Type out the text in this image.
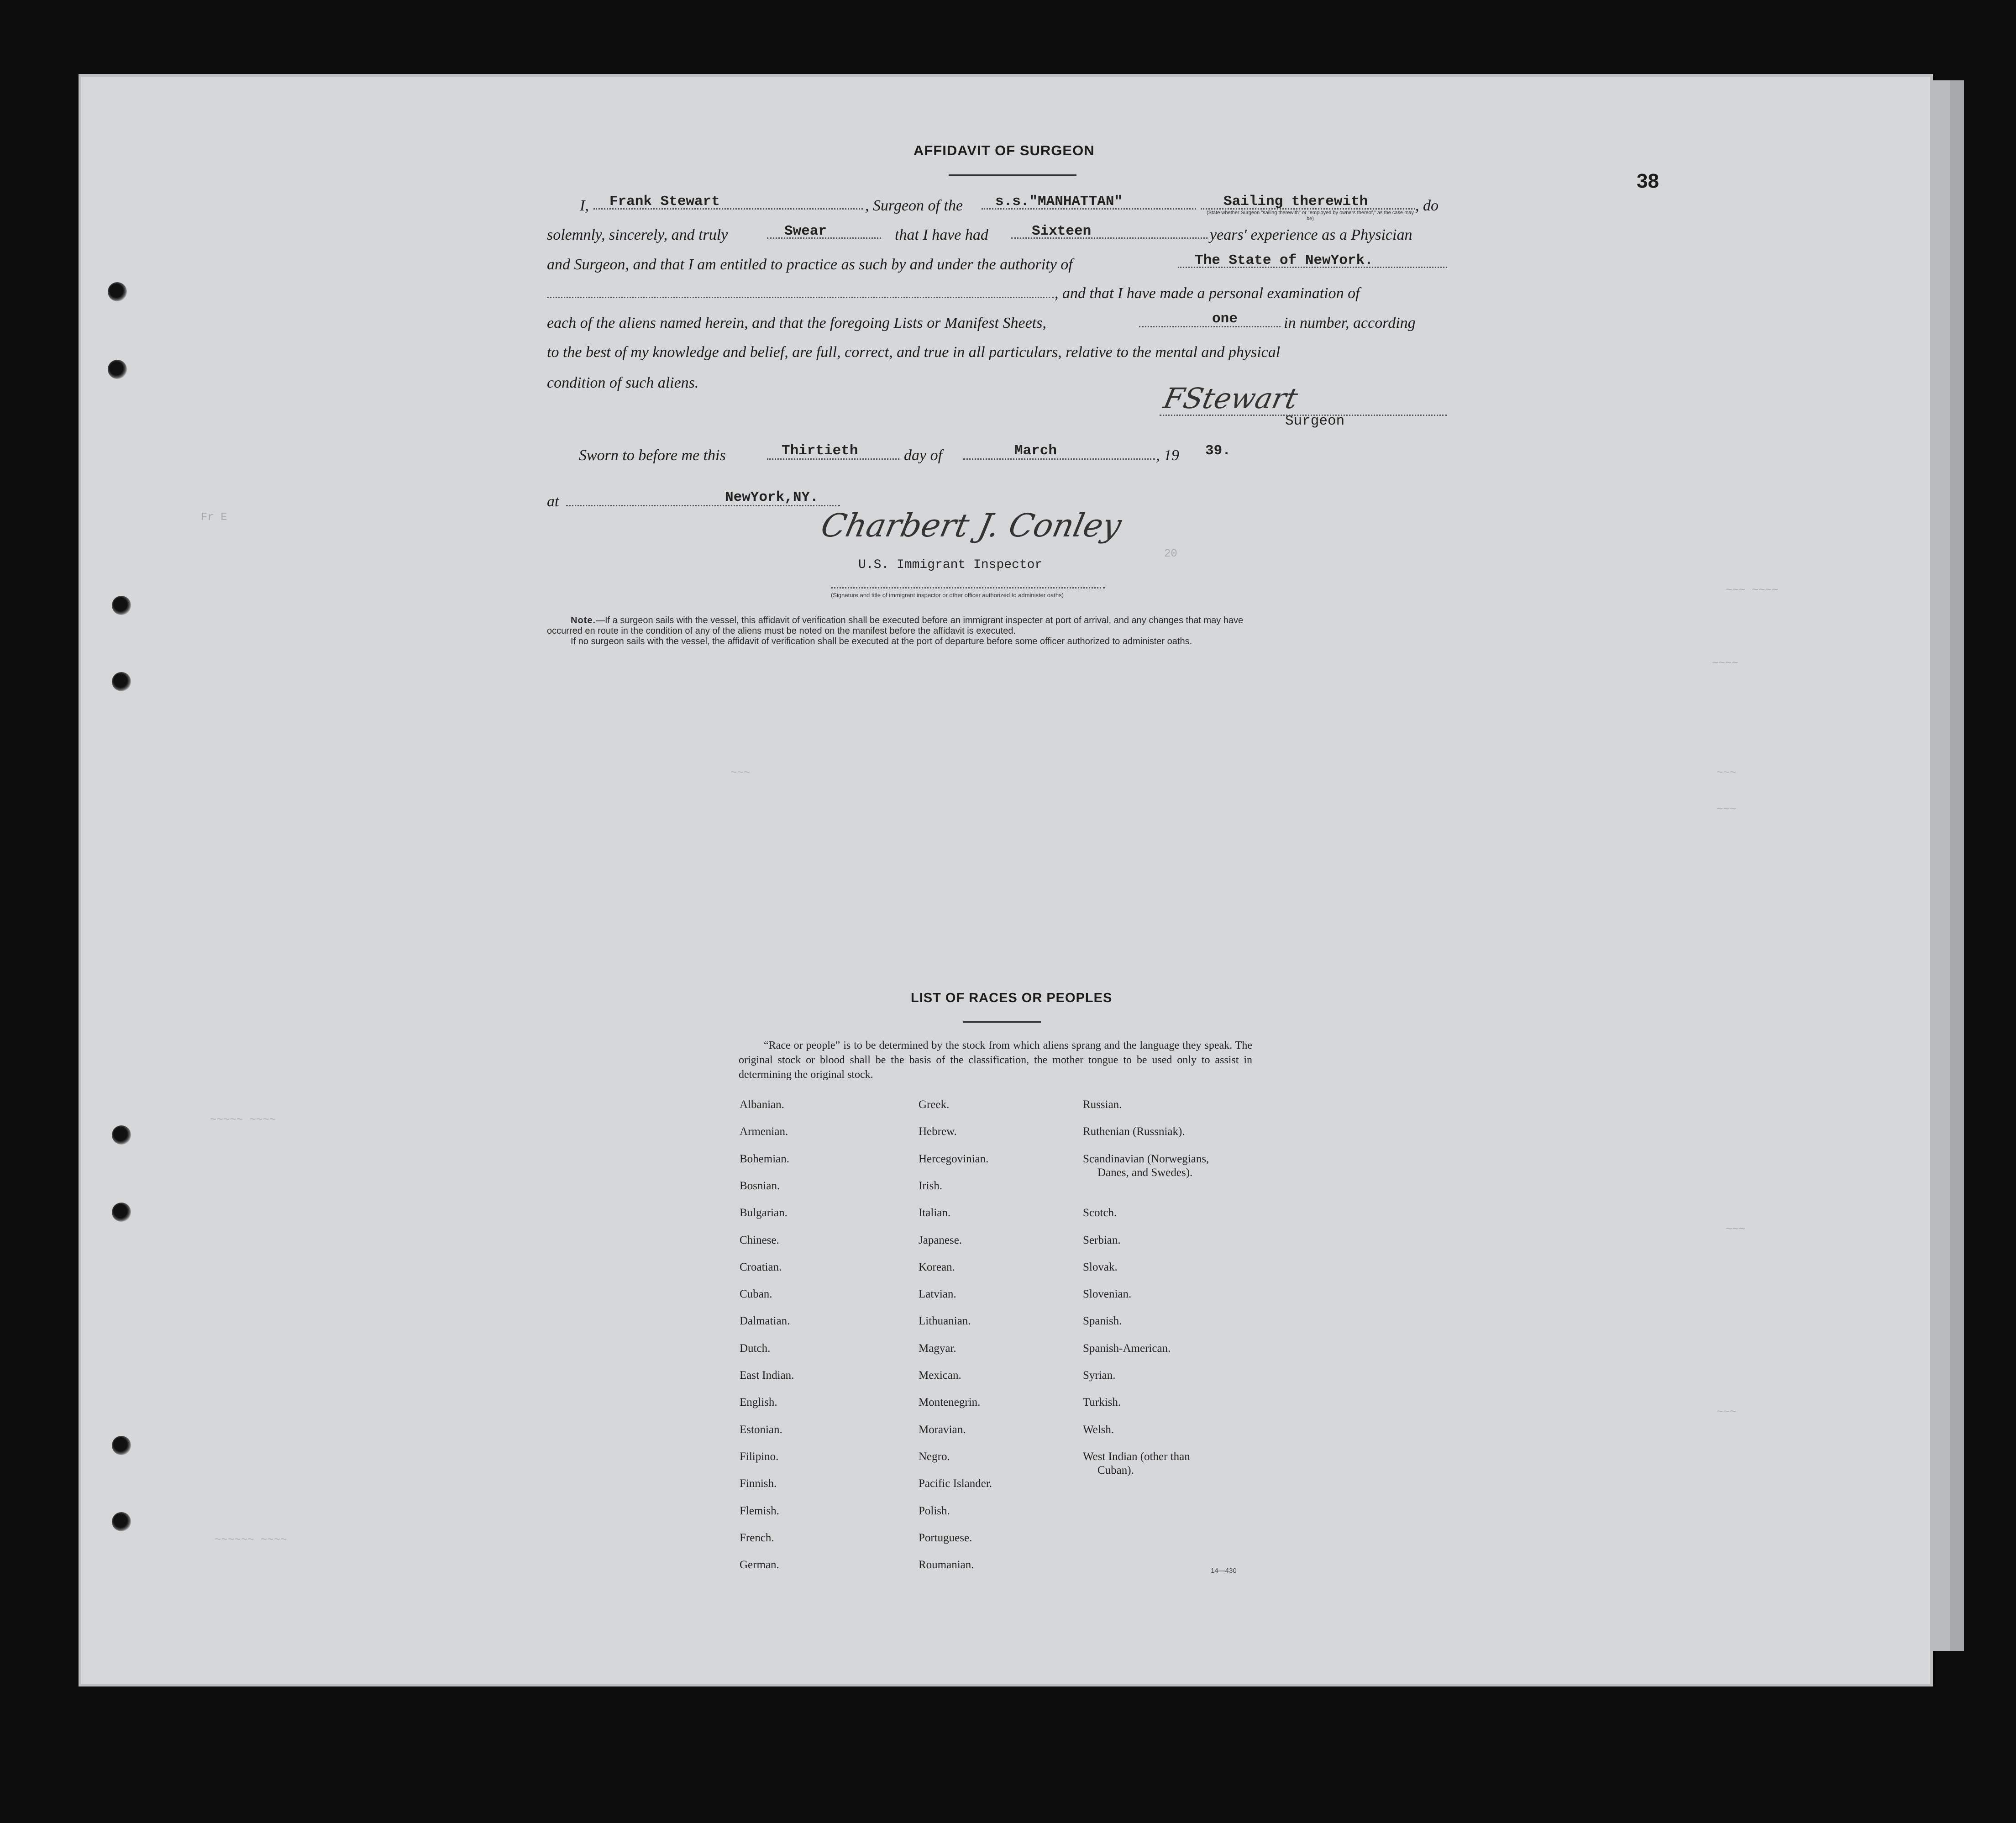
Fr E
20
~~~ ~~~~
~~~~
~~~	~~~
~~~
~~~~~ ~~~~
~~~
~~~
~~~~~~ ~~~~
38
AFFIDAVIT OF SURGEON
I, Frank Stewart	, Surgeon of the s.s."MANHATTAN"	Sailing therewith	, do
(State whether Surgeon "sailing therewith" or "employed by owners thereof," as the case may be)
solemnly, sincerely, and truly	Swear	that I have had	Sixteen	years' experience as a Physician
and Surgeon, and that I am entitled to practice as such by and under the authority of	The State of NewYork.
, and that I have made a personal examination of
each of the aliens named herein, and that the foregoing Lists or Manifest Sheets,	one	in number, according
to the best of my knowledge and belief, are full, correct, and true in all particulars, relative to the mental and physical
condition of such aliens.	FStewart
Surgeon
Sworn to before me this	Thirtieth	day of	March	, 19 39.
at	NewYork,NY.
Charbert J. Conley
U.S. Immigrant Inspector
(Signature and title of immigrant inspector or other officer authorized to administer oaths)
Note.—If a surgeon sails with the vessel, this affidavit of verification shall be executed before an immigrant inspecter at port of arrival, and any changes that may have
occurred en route in the condition of any of the aliens must be noted on the manifest before the affidavit is executed.
If no surgeon sails with the vessel, the affidavit of verification shall be executed at the port of departure before some officer authorized to administer oaths.
LIST OF RACES OR PEOPLES
“Race or people” is to be determined by the stock from which aliens sprang and the language they speak. The original stock or blood shall be the basis of the classification, the mother tongue to be used only to assist in determining the original stock.
Albanian.
Armenian.
Bohemian.
Bosnian.
Bulgarian.
Chinese.
Croatian.
Cuban.
Dalmatian.
Dutch.
East Indian.
English.
Estonian.
Filipino.
Finnish.
Flemish.
French.
German.
Greek.
Hebrew.
Hercegovinian.
Irish.
Italian.
Japanese.
Korean.
Latvian.
Lithuanian.
Magyar.
Mexican.
Montenegrin.
Moravian.
Negro.
Pacific Islander.
Polish.
Portuguese.
Roumanian.
Russian.
Ruthenian (Russniak).
Scandinavian (Norwegians,
Danes, and Swedes).
Scotch.
Serbian.
Slovak.
Slovenian.
Spanish.
Spanish-American.
Syrian.
Turkish.
Welsh.
West Indian (other than
Cuban).
14—430
